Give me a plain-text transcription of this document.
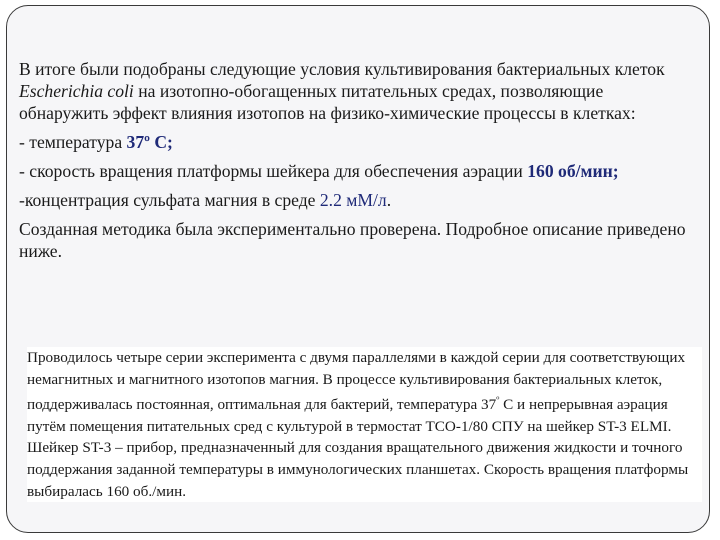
В итоге были подобраны следующие условия культивирования бактериальных клеток Escherichia coli на изотопно-обогащенных питательных средах, позволяющие обнаружить эффект влияния изотопов на физико-химические процессы в клетках:

- температура 37º С;

- скорость вращения платформы шейкера для обеспечения аэрации 160 об/мин;

-концентрация сульфата магния в среде 2.2 мМ/л.

Созданная методика была экспериментально проверена. Подробное описание приведено ниже.

Проводилось четыре серии эксперимента с двумя параллелями в каждой серии для соответствующих немагнитных и магнитного изотопов магния. В процессе культивирования бактериальных клеток, поддерживалась постоянная, оптимальная для бактерий, температура $37^º$ С и непрерывная аэрация путём помещения питательных сред с культурой в термостат ТСО-1/80 СПУ на шейкер ST-3 ELMI. Шейкер ST-3 – прибор, предназначенный для создания вращательного движения жидкости и точного поддержания заданной температуры в иммунологических планшетах. Скорость вращения платформы выбиралась 160 об./мин.
